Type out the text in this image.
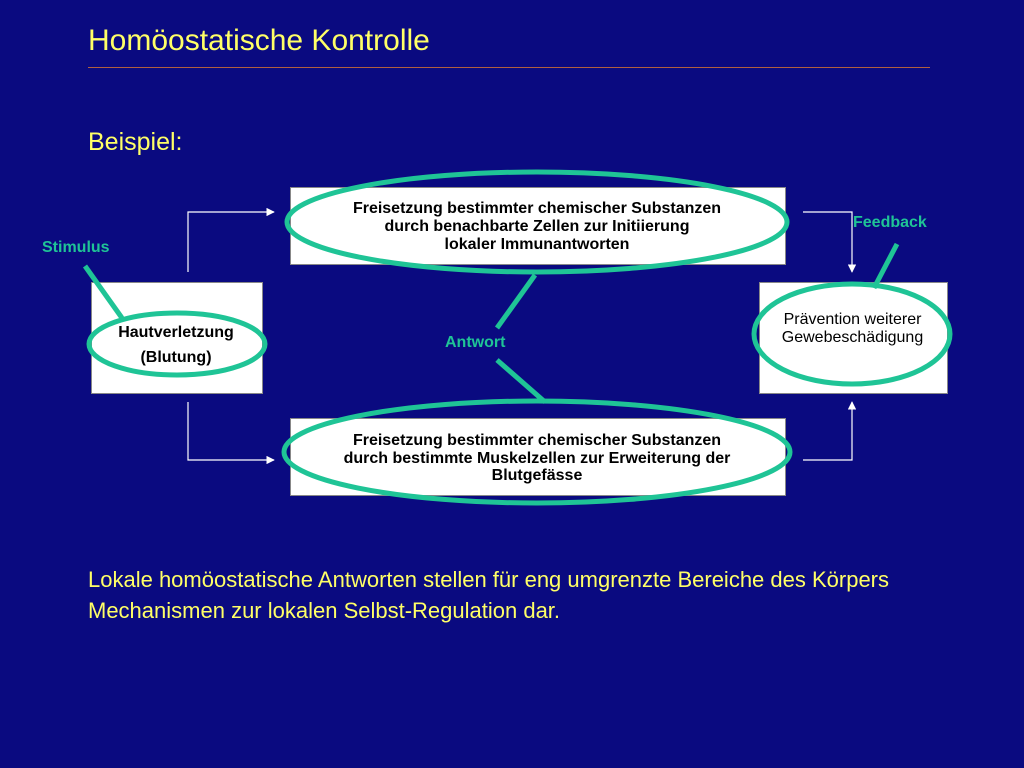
Homöostatische Kontrolle
Beispiel:
Freisetzung bestimmter chemischer Substanzen
durch benachbarte Zellen zur Initiierung
lokaler Immunantworten
Hautverletzung
(Blutung)
Prävention weiterer
Gewebeschädigung
Freisetzung bestimmter chemischer Substanzen
durch bestimmte Muskelzellen zur Erweiterung der
Blutgefässe
Stimulus
Antwort
Feedback
Lokale homöostatische Antworten stellen für eng umgrenzte Bereiche des Körpers Mechanismen zur lokalen Selbst-Regulation dar.
